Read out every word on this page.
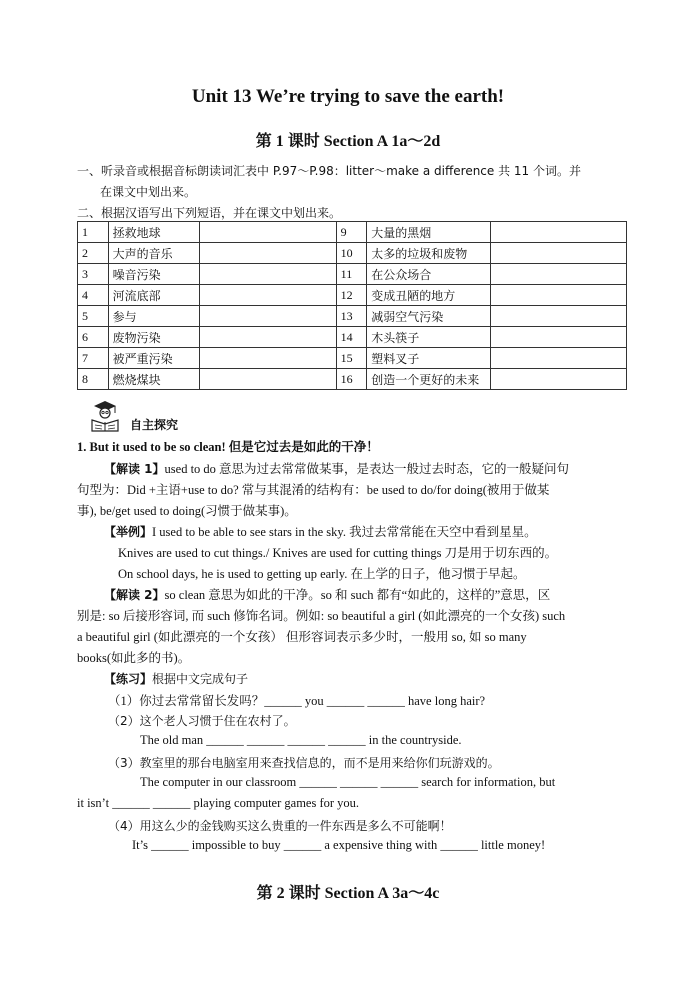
Unit 13 We’re trying to save the earth!
第 1 课时 Section A 1a～2d
一、听录音或根据音标朗读词汇表中 P.97～P.98：litter～make a difference 共 11 个词。并
在课文中划出来。
二、根据汉语写出下列短语，并在课文中划出来。
1	拯救地球		9	大量的黑烟	
2	大声的音乐		10	太多的垃圾和废物	
3	噪音污染		11	在公众场合	
4	河流底部		12	变成丑陋的地方	
5	参与		13	减弱空气污染	
6	废物污染		14	木头筷子	
7	被严重污染		15	塑料叉子	
8	燃烧煤块		16	创造一个更好的未来	
自主探究
1. But it used to be so clean! 但是它过去是如此的干净！
【解读 1】used to do 意思为过去常常做某事，是表达一般过去时态，它的一般疑问句
句型为：Did +主语+use to do? 常与其混淆的结构有：be used to do/for doing(被用于做某
事), be/get used to doing(习惯于做某事)。
【举例】I used to be able to see stars in the sky. 我过去常常能在天空中看到星星。
Knives are used to cut things./ Knives are used for cutting things 刀是用于切东西的。
On school days, he is used to getting up early. 在上学的日子，他习惯于早起。
【解读 2】so clean 意思为如此的干净。so 和 such 都有“如此的，这样的”意思，区
别是: so 后接形容词, 而 such 修饰名词。例如: so beautiful a girl (如此漂亮的一个女孩) such
a beautiful girl (如此漂亮的一个女孩） 但形容词表示多少时，一般用 so, 如 so many
books(如此多的书)。
【练习】根据中文完成句子
（1）你过去常常留长发吗？______ you ______ ______ have long hair?
（2）这个老人习惯于住在农村了。
The old man ______ ______ ______ ______ in the countryside.
（3）教室里的那台电脑室用来查找信息的，而不是用来给你们玩游戏的。
The computer in our classroom ______ ______ ______ search for information, but
it isn’t ______ ______ playing computer games for you.
（4）用这么少的金钱购买这么贵重的一件东西是多么不可能啊！
It’s ______ impossible to buy ______ a expensive thing with ______ little money!
第 2 课时 Section A 3a～4c
